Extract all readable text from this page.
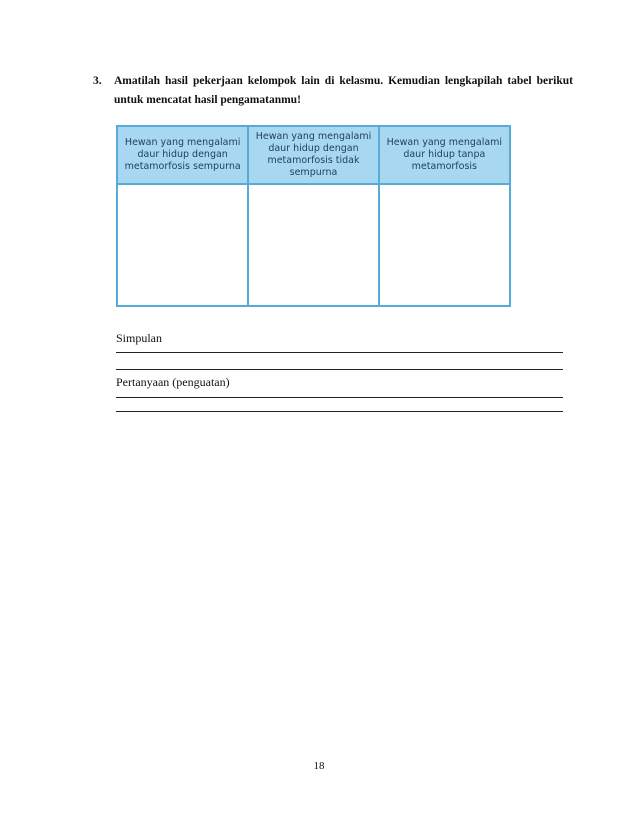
3.	Amatilah hasil pekerjaan kelompok lain di kelasmu. Kemudian lengkapilah tabel berikut untuk mencatat hasil pengamatanmu!
Hewan yang mengalami daur hidup dengan metamorfosis sempurna	Hewan yang mengalami daur hidup dengan metamorfosis tidak sempurna	Hewan yang mengalami daur hidup tanpa metamorfosis

Simpulan
Pertanyaan (penguatan)
18
